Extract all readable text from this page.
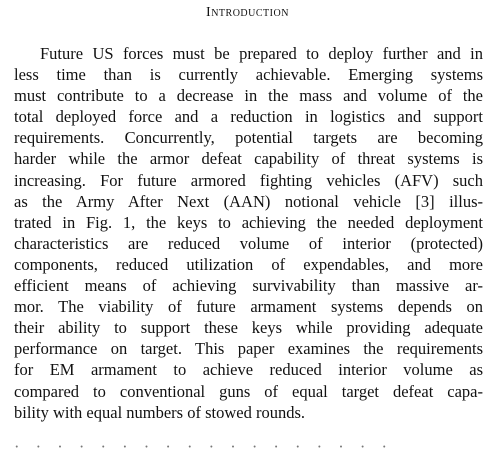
Introduction
Future US forces must be prepared to deploy further and in
less time than is currently achievable. Emerging systems
must contribute to a decrease in the mass and volume of the
total deployed force and a reduction in logistics and support
requirements. Concurrently, potential targets are becoming
harder while the armor defeat capability of threat systems is
increasing. For future armored fighting vehicles (AFV) such
as the Army After Next (AAN) notional vehicle [3] illus-
trated in Fig. 1, the keys to achieving the needed deployment
characteristics are reduced volume of interior (protected)
components, reduced utilization of expendables, and more
efficient means of achieving survivability than massive ar-
mor. The viability of future armament systems depends on
their ability to support these keys while providing adequate
performance on target. This paper examines the requirements
for EM armament to achieve reduced interior volume as
compared to conventional guns of equal target defeat capa-
bility with equal numbers of stowed rounds.
· · · · · · · · · · · · · · · · · ·
